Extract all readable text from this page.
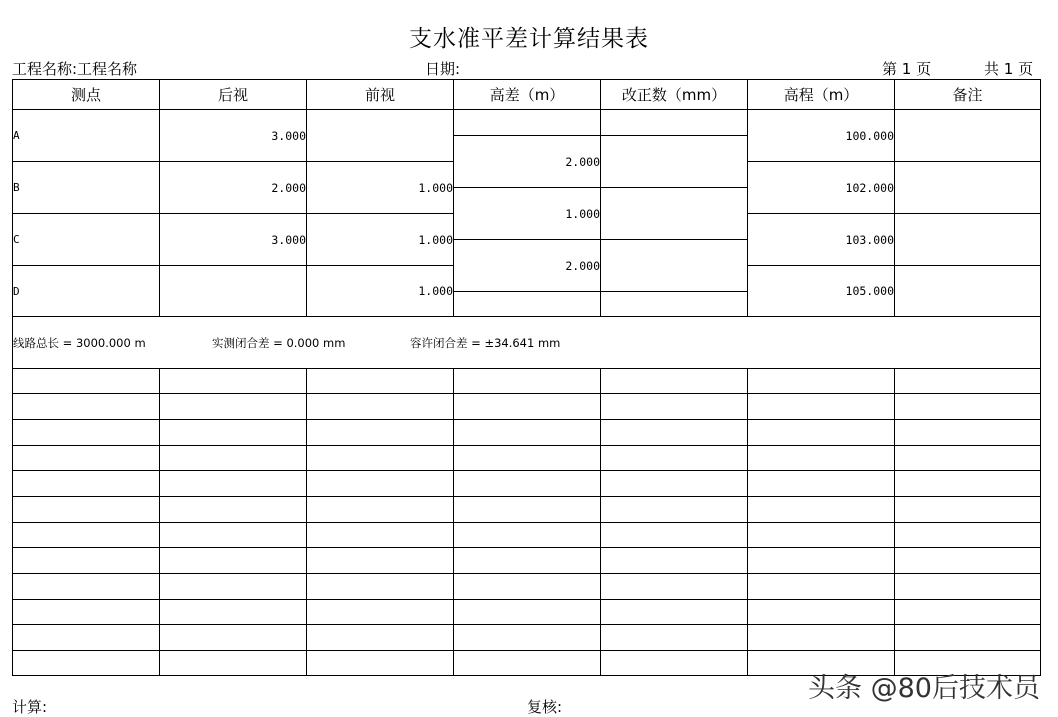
支水准平差计算结果表
工程名称:工程名称	日期:	第 1 页	共 1 页
测点	后视	前视	高差（m）	改正数（mm）	高程（m）	备注
A	3.000				100.000	
			2.000			
B	2.000	1.000			102.000	
			1.000			
C	3.000	1.000			103.000	
			2.000			
D		1.000			105.000	

线路总长 = 3000.000 m 实测闭合差 = 0.000 mm 容许闭合差 = ±34.641 mm						

计算:	复核:
头条 @80后技术员
